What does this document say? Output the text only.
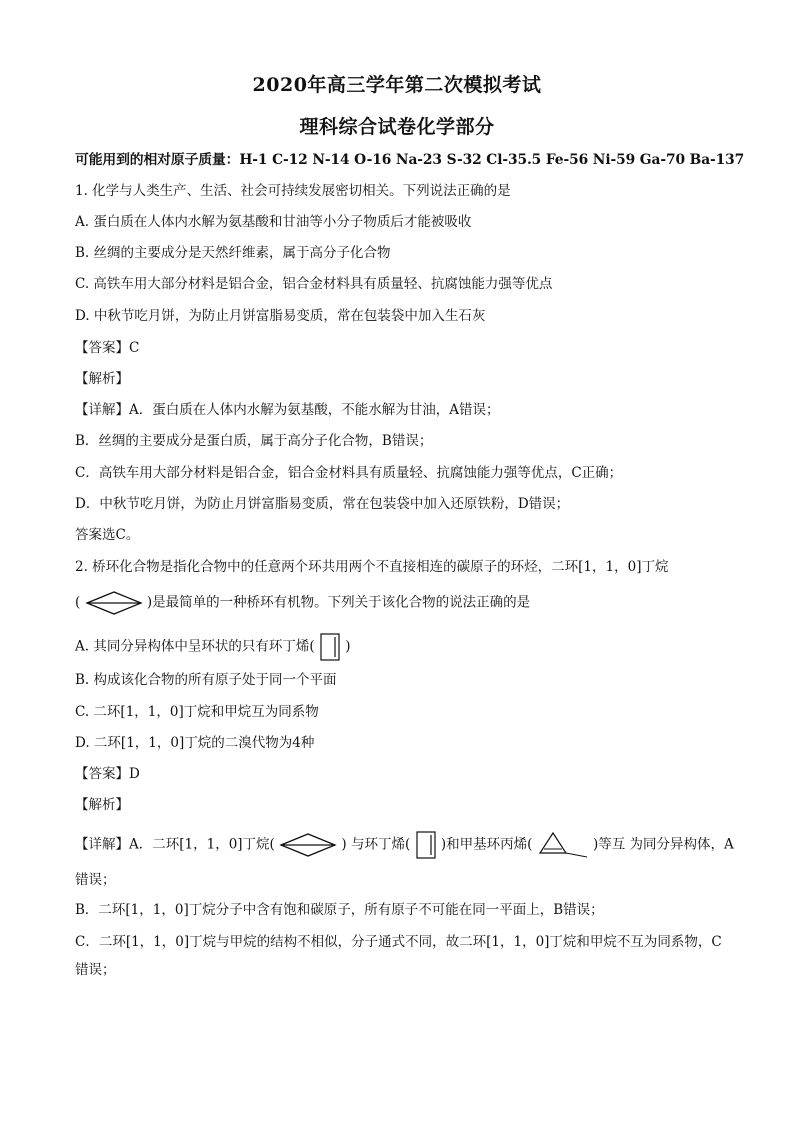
2020年高三学年第二次模拟考试
理科综合试卷化学部分
可能用到的相对原子质量：H-1 C-12 N-14 O-16 Na-23 S-32 Cl-35.5 Fe-56 Ni-59 Ga-70 Ba-137
1. 化学与人类生产、生活、社会可持续发展密切相关。下列说法正确的是
A. 蛋白质在人体内水解为氨基酸和甘油等小分子物质后才能被吸收
B. 丝绸的主要成分是天然纤维素，属于高分子化合物
C. 高铁车用大部分材料是铝合金，铝合金材料具有质量轻、抗腐蚀能力强等优点
D. 中秋节吃月饼，为防止月饼富脂易变质，常在包装袋中加入生石灰
【答案】C
【解析】
【详解】A．蛋白质在人体内水解为氨基酸，不能水解为甘油，A错误；
B．丝绸的主要成分是蛋白质，属于高分子化合物，B错误；
C．高铁车用大部分材料是铝合金，铝合金材料具有质量轻、抗腐蚀能力强等优点，C正确；
D．中秋节吃月饼，为防止月饼富脂易变质，常在包装袋中加入还原铁粉，D错误；
答案选C。
2. 桥环化合物是指化合物中的任意两个环共用两个不直接相连的碳原子的环烃，二环[1，1，0]丁烷
(	)是最简单的一种桥环有机物。下列关于该化合物的说法正确的是
A. 其同分异构体中呈环状的只有环丁烯( )
B. 构成该化合物的所有原子处于同一个平面
C. 二环[1，1，0]丁烷和甲烷互为同系物
D. 二环[1，1，0]丁烷的二溴代物为4种
【答案】D
【解析】
【详解】A．二环[1，1，0]丁烷(	) 与环丁烯( )和甲基环丙烯(	)等互 为同分异构体，A
错误；
B．二环[1，1，0]丁烷分子中含有饱和碳原子，所有原子不可能在同一平面上，B错误；
C．二环[1，1，0]丁烷与甲烷的结构不相似，分子通式不同，故二环[1，1，0]丁烷和甲烷不互为同系物，C
错误；
